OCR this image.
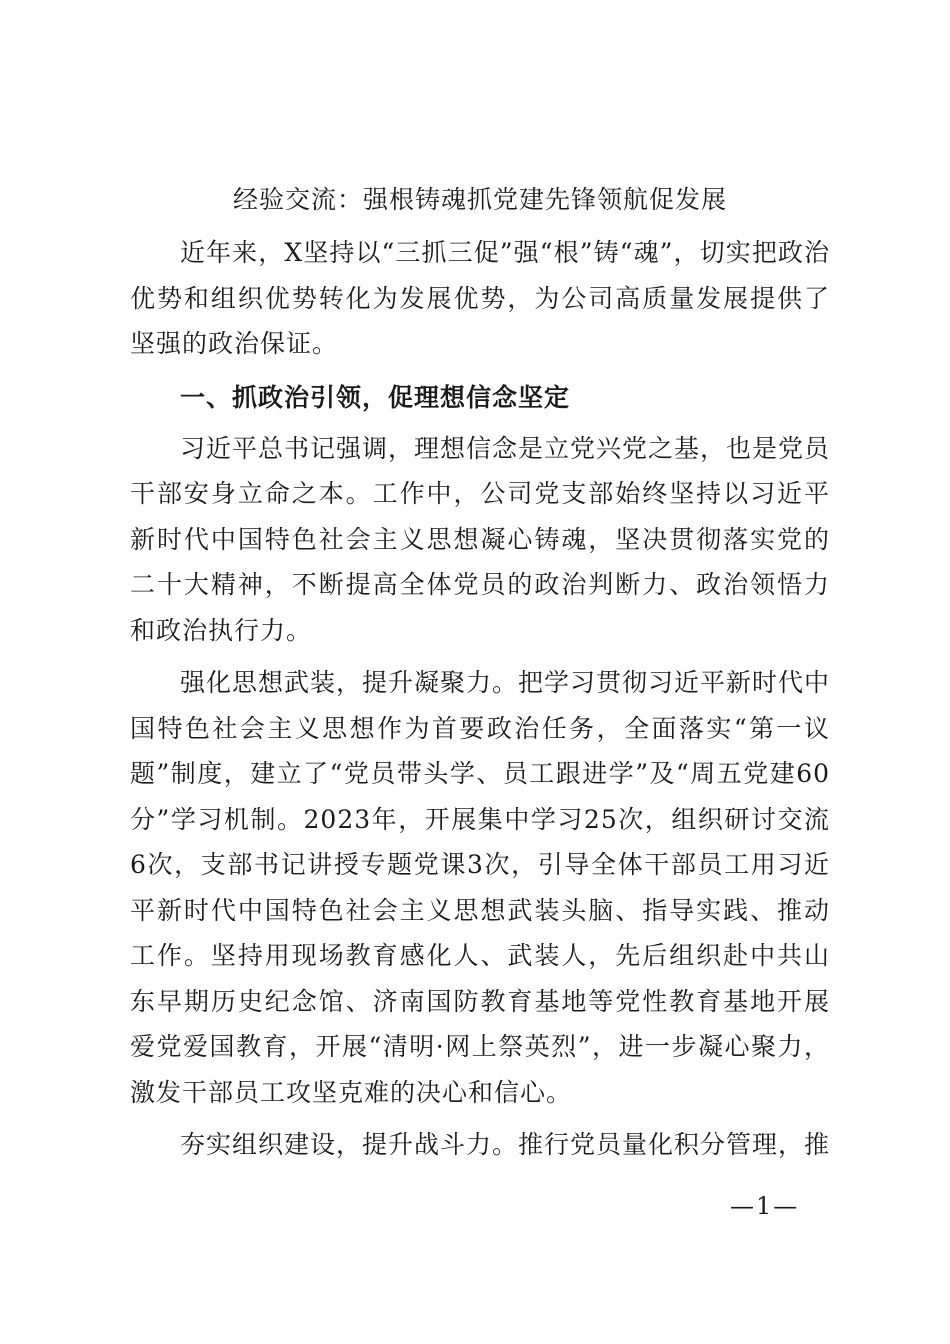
经验交流：强根铸魂抓党建先锋领航促发展

近年来，X坚持以“三抓三促”强“根”铸“魂”，切实把政治优势和组织优势转化为发展优势，为公司高质量发展提供了坚强的政治保证。

一、抓政治引领，促理想信念坚定

习近平总书记强调，理想信念是立党兴党之基，也是党员干部安身立命之本。工作中，公司党支部始终坚持以习近平新时代中国特色社会主义思想凝心铸魂，坚决贯彻落实党的二十大精神，不断提高全体党员的政治判断力、政治领悟力和政治执行力。

强化思想武装，提升凝聚力。把学习贯彻习近平新时代中国特色社会主义思想作为首要政治任务，全面落实“第一议题”制度，建立了“党员带头学、员工跟进学”及“周五党建60分”学习机制。2023年，开展集中学习25次，组织研讨交流6次，支部书记讲授专题党课3次，引导全体干部员工用习近平新时代中国特色社会主义思想武装头脑、指导实践、推动工作。坚持用现场教育感化人、武装人，先后组织赴中共山东早期历史纪念馆、济南国防教育基地等党性教育基地开展爱党爱国教育，开展“清明·网上祭英烈”，进一步凝心聚力，激发干部员工攻坚克难的决心和信心。

夯实组织建设，提升战斗力。推行党员量化积分管理，推

—1—
